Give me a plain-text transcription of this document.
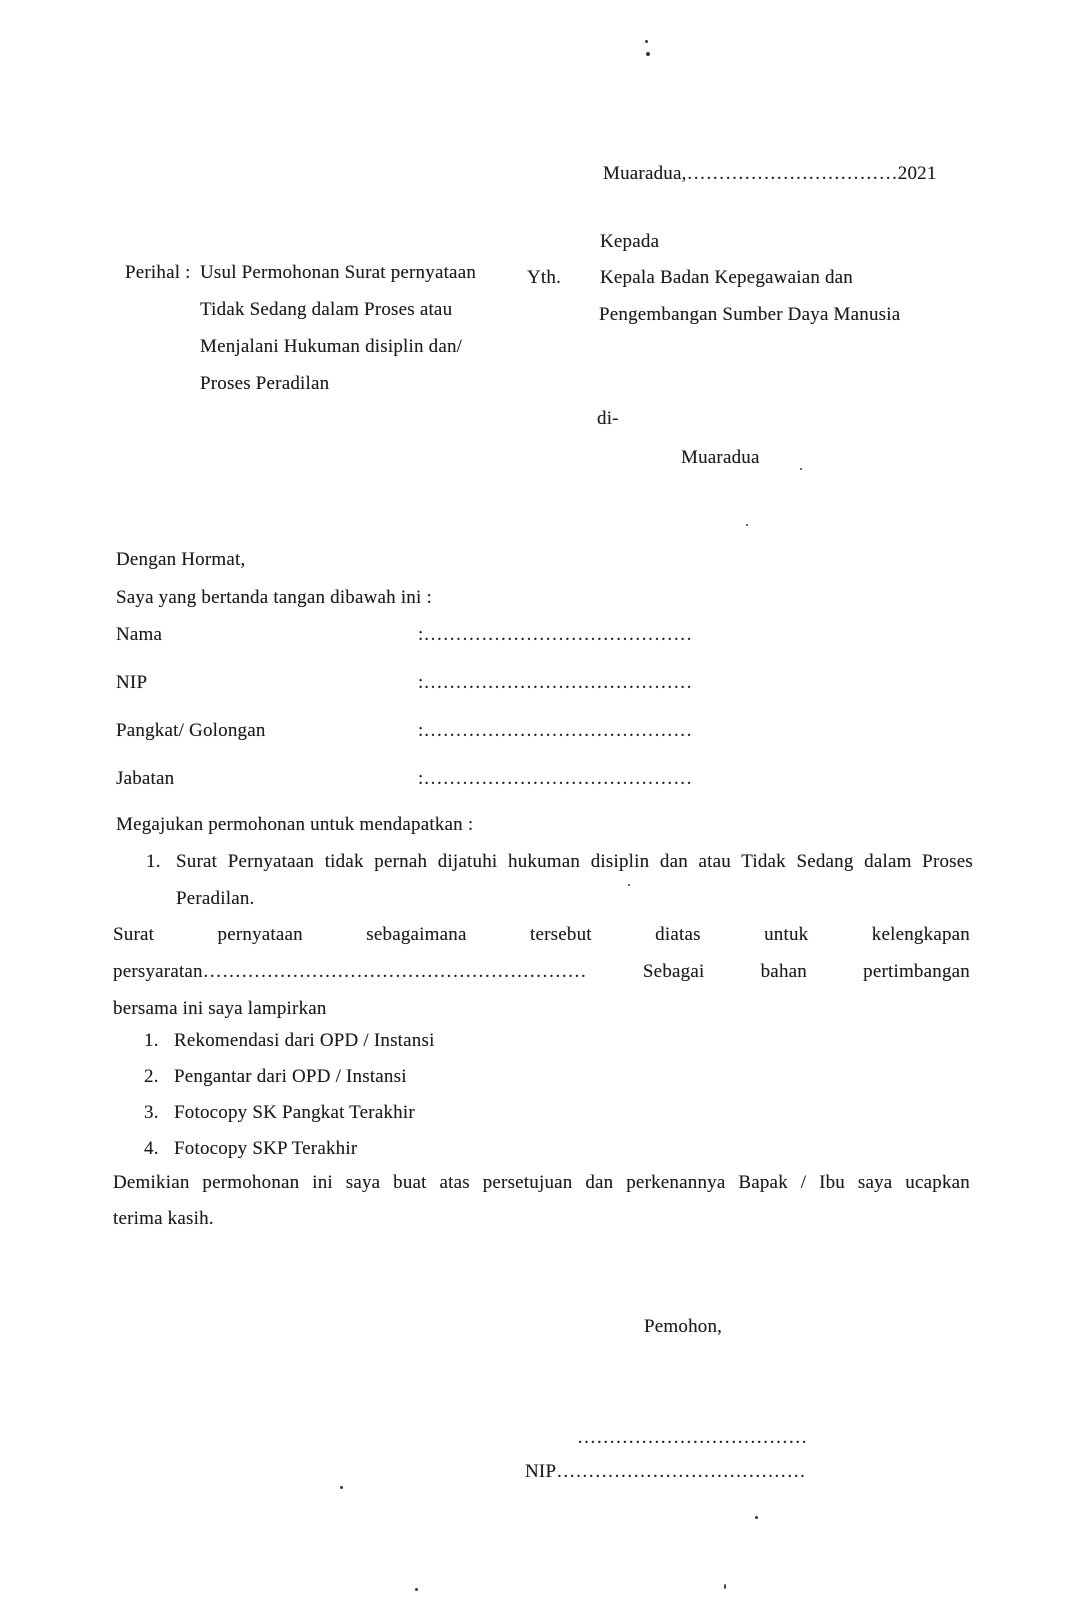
Muaradua,……………………………2021
Kepada
Perihal : Usul Permohonan Surat pernyataan
Tidak Sedang dalam Proses atau
Menjalani Hukuman disiplin dan/
Proses Peradilan
Yth. Kepala Badan Kepegawaian dan
Pengembangan Sumber Daya Manusia
di-
Muaradua
Dengan Hormat,
Saya yang bertanda tangan dibawah ini :
Nama	:……………………………………
NIP	:……………………………………
Pangkat/ Golongan	:……………………………………
Jabatan	:……………………………………
Megajukan permohonan untuk mendapatkan :
1. Surat Pernyataan tidak pernah dijatuhi hukuman disiplin dan atau Tidak Sedang dalam Proses
Peradilan.
Surat pernyataan sebagaimana tersebut diatas untuk kelengkapan
persyaratan…………………………………………………… Sebagai bahan pertimbangan
bersama ini saya lampirkan
1. Rekomendasi dari OPD / Instansi
2. Pengantar dari OPD / Instansi
3. Fotocopy SK Pangkat Terakhir
4. Fotocopy SKP Terakhir
Demikian permohonan ini saya buat atas persetujuan dan perkenannya Bapak / Ibu saya ucapkan
terima kasih.
Pemohon,
………………………………
NIP…………………………………
